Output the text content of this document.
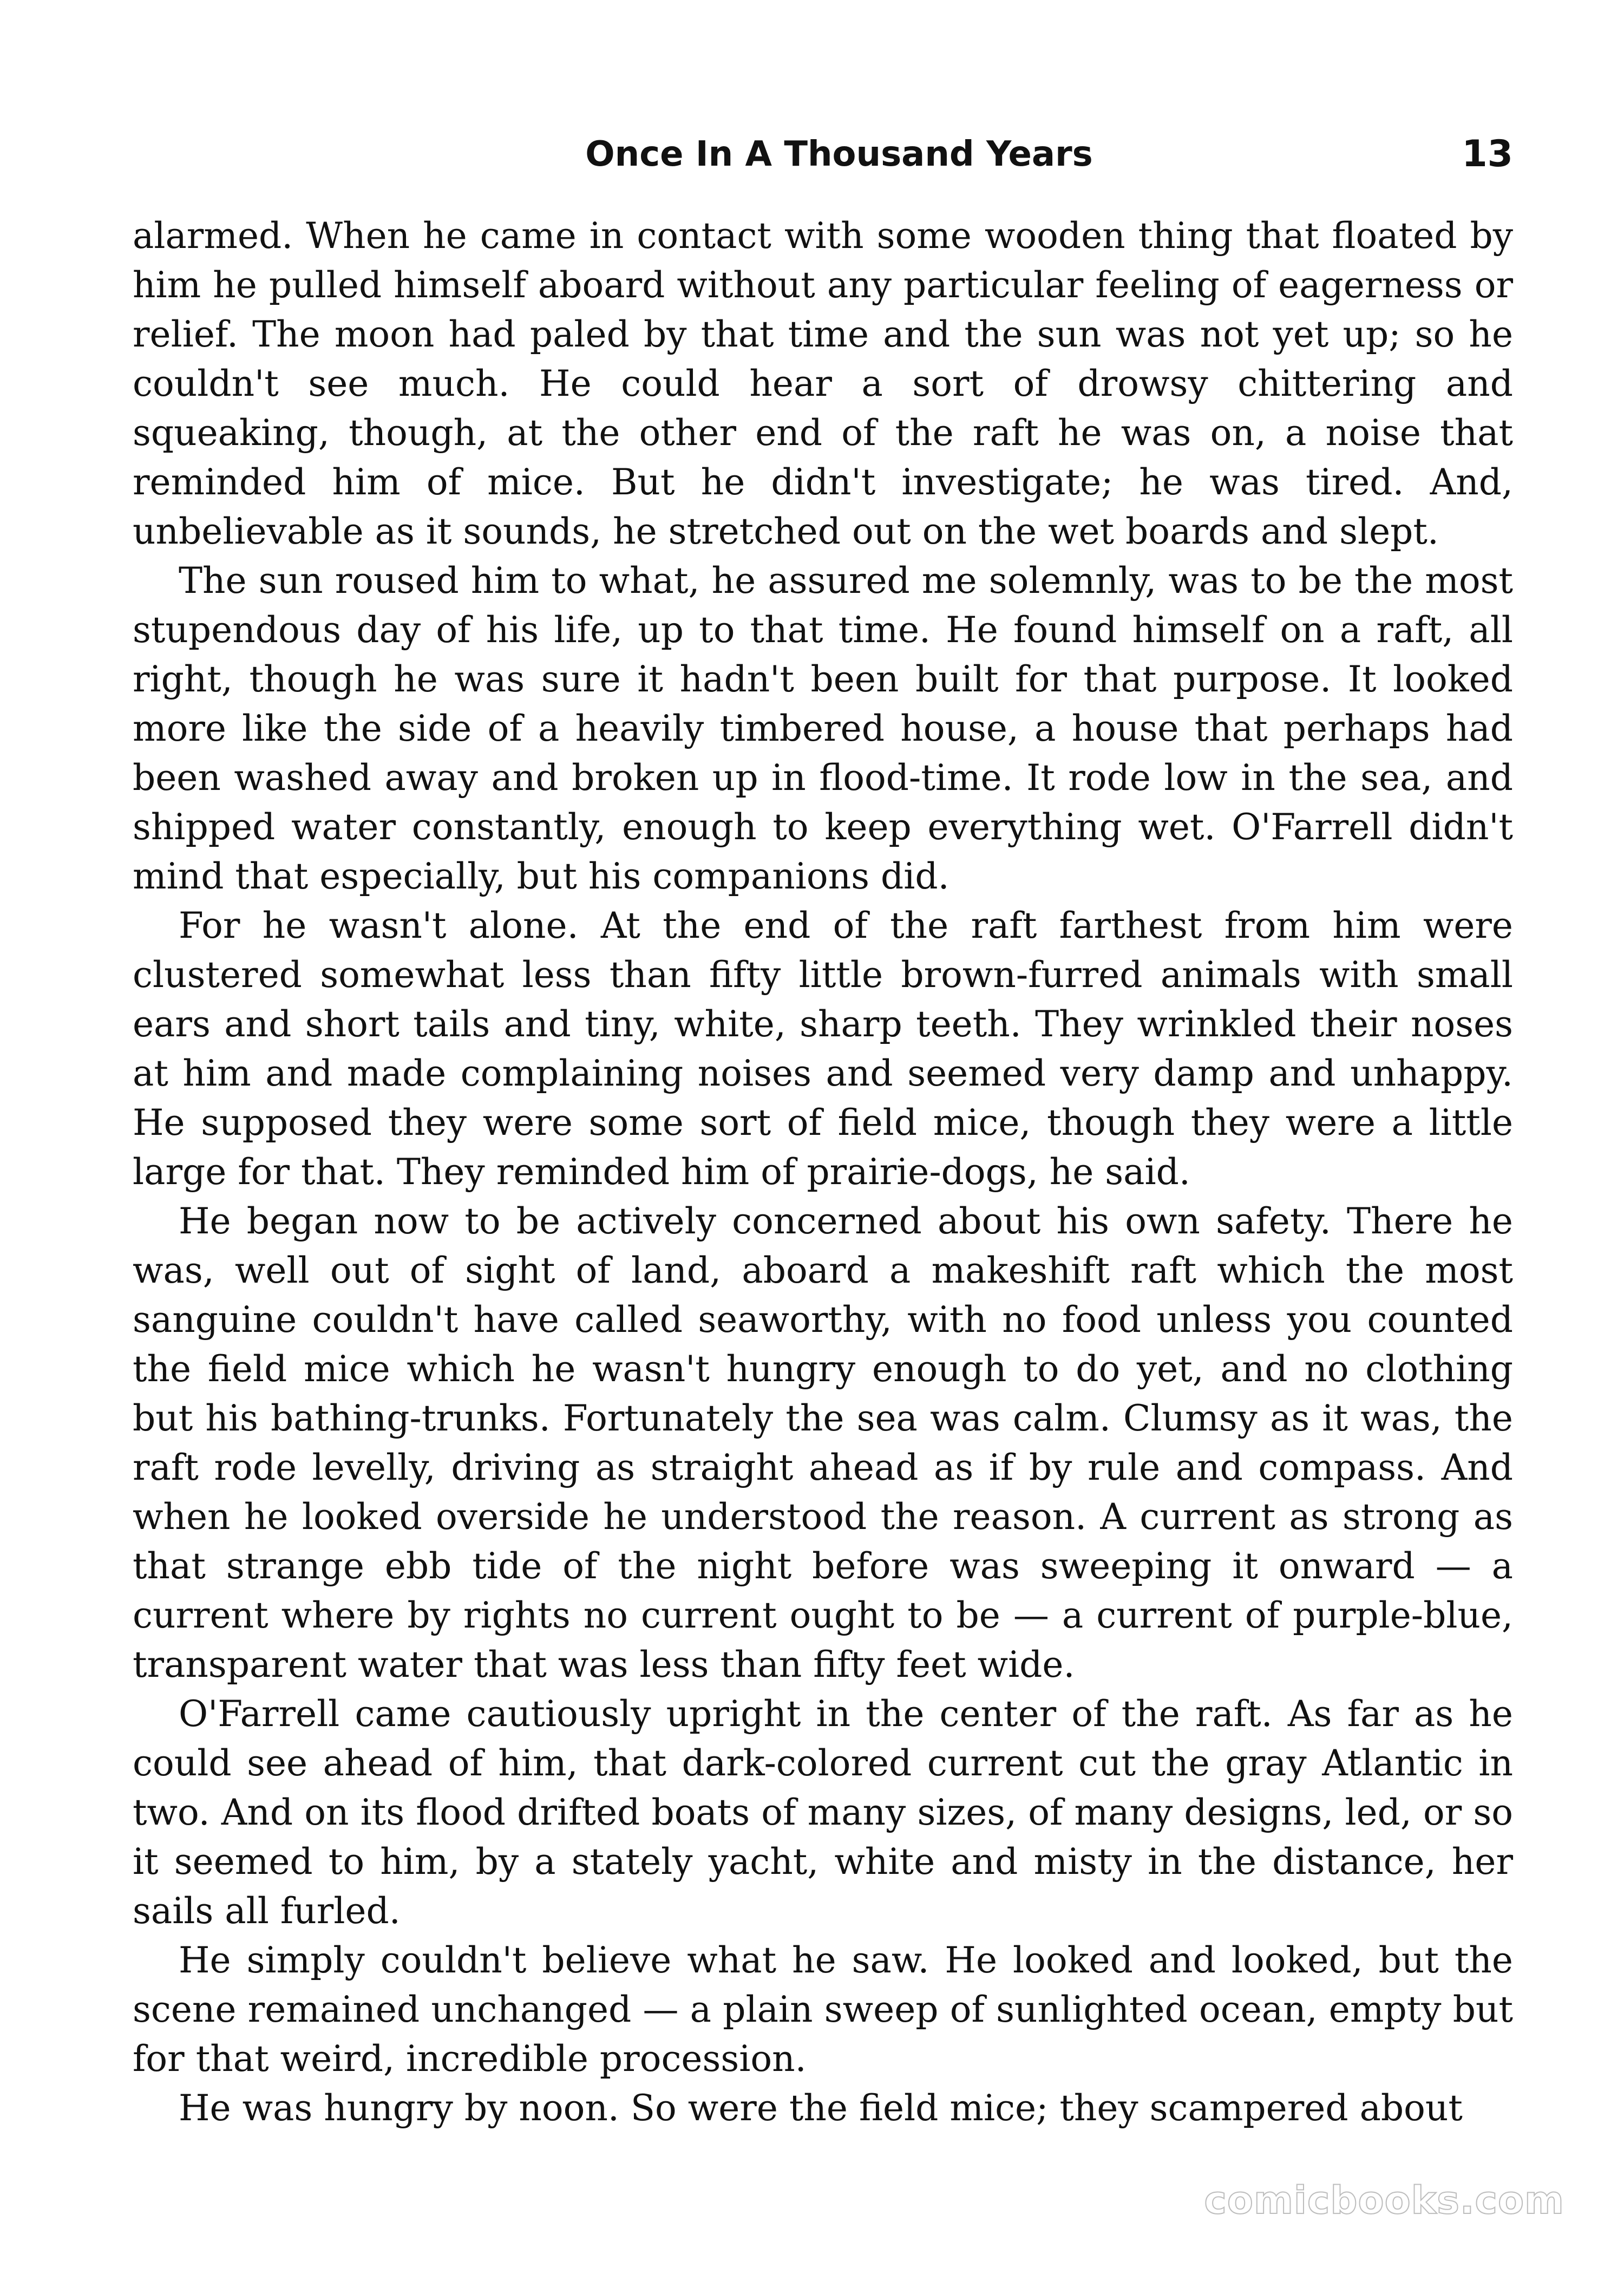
Once In A Thousand Years	13

alarmed. When he came in contact with some wooden thing that floated by him he pulled himself aboard without any particular feeling of eagerness or relief. The moon had paled by that time and the sun was not yet up; so he couldn't see much. He could hear a sort of drowsy chittering and squeaking, though, at the other end of the raft he was on, a noise that reminded him of mice. But he didn't investigate; he was tired. And, unbelievable as it sounds, he stretched out on the wet boards and slept.

The sun roused him to what, he assured me solemnly, was to be the most stupendous day of his life, up to that time. He found himself on a raft, all right, though he was sure it hadn't been built for that purpose. It looked more like the side of a heavily timbered house, a house that perhaps had been washed away and broken up in flood-time. It rode low in the sea, and shipped water constantly, enough to keep everything wet. O'Farrell didn't mind that especially, but his companions did.

For he wasn't alone. At the end of the raft farthest from him were clustered somewhat less than fifty little brown-furred animals with small ears and short tails and tiny, white, sharp teeth. They wrinkled their noses at him and made complaining noises and seemed very damp and unhappy. He supposed they were some sort of field mice, though they were a little large for that. They reminded him of prairie-dogs, he said.

He began now to be actively concerned about his own safety. There he was, well out of sight of land, aboard a makeshift raft which the most sanguine couldn't have called seaworthy, with no food unless you counted the field mice which he wasn't hungry enough to do yet, and no clothing but his bathing-trunks. Fortunately the sea was calm. Clumsy as it was, the raft rode levelly, driving as straight ahead as if by rule and compass. And when he looked overside he understood the reason. A current as strong as that strange ebb tide of the night before was sweeping it onward — a current where by rights no current ought to be — a current of purple-blue, transparent water that was less than fifty feet wide.

O'Farrell came cautiously upright in the center of the raft. As far as he could see ahead of him, that dark-colored current cut the gray Atlantic in two. And on its flood drifted boats of many sizes, of many designs, led, or so it seemed to him, by a stately yacht, white and misty in the distance, her sails all furled.

He simply couldn't believe what he saw. He looked and looked, but the scene remained unchanged — a plain sweep of sunlighted ocean, empty but for that weird, incredible procession.

He was hungry by noon. So were the field mice; they scampered about

comicbooks.com
